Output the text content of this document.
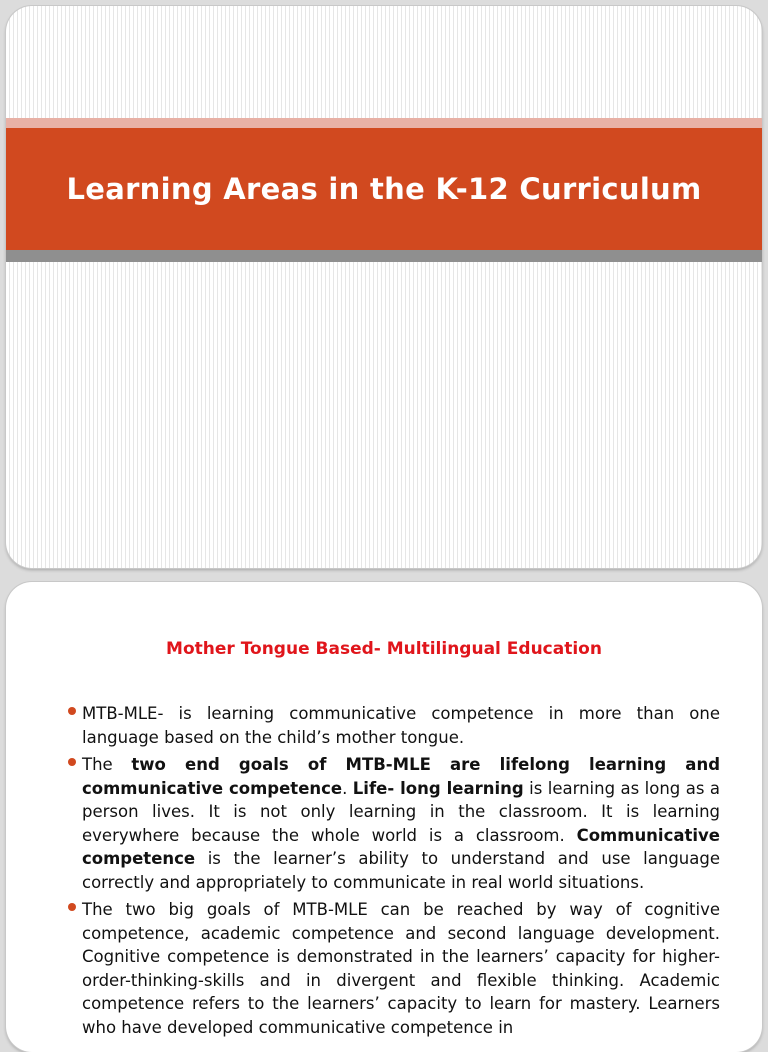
Learning Areas in the K-12 Curriculum
Mother Tongue Based- Multilingual Education
MTB-MLE- is learning communicative competence in more than one language based on the child’s mother tongue.
The two end goals of MTB-MLE are lifelong learning and communicative competence. Life- long learning is learning as long as a person lives. It is not only learning in the classroom. It is learning everywhere because the whole world is a classroom. Communicative competence is the learner’s ability to understand and use language correctly and appropriately to communicate in real world situations.
The two big goals of MTB-MLE can be reached by way of cognitive competence, academic competence and second language development. Cognitive competence is demonstrated in the learners’ capacity for higher-order-thinking-skills and in divergent and flexible thinking. Academic competence refers to the learners’ capacity to learn for mastery. Learners who have developed communicative competence in
